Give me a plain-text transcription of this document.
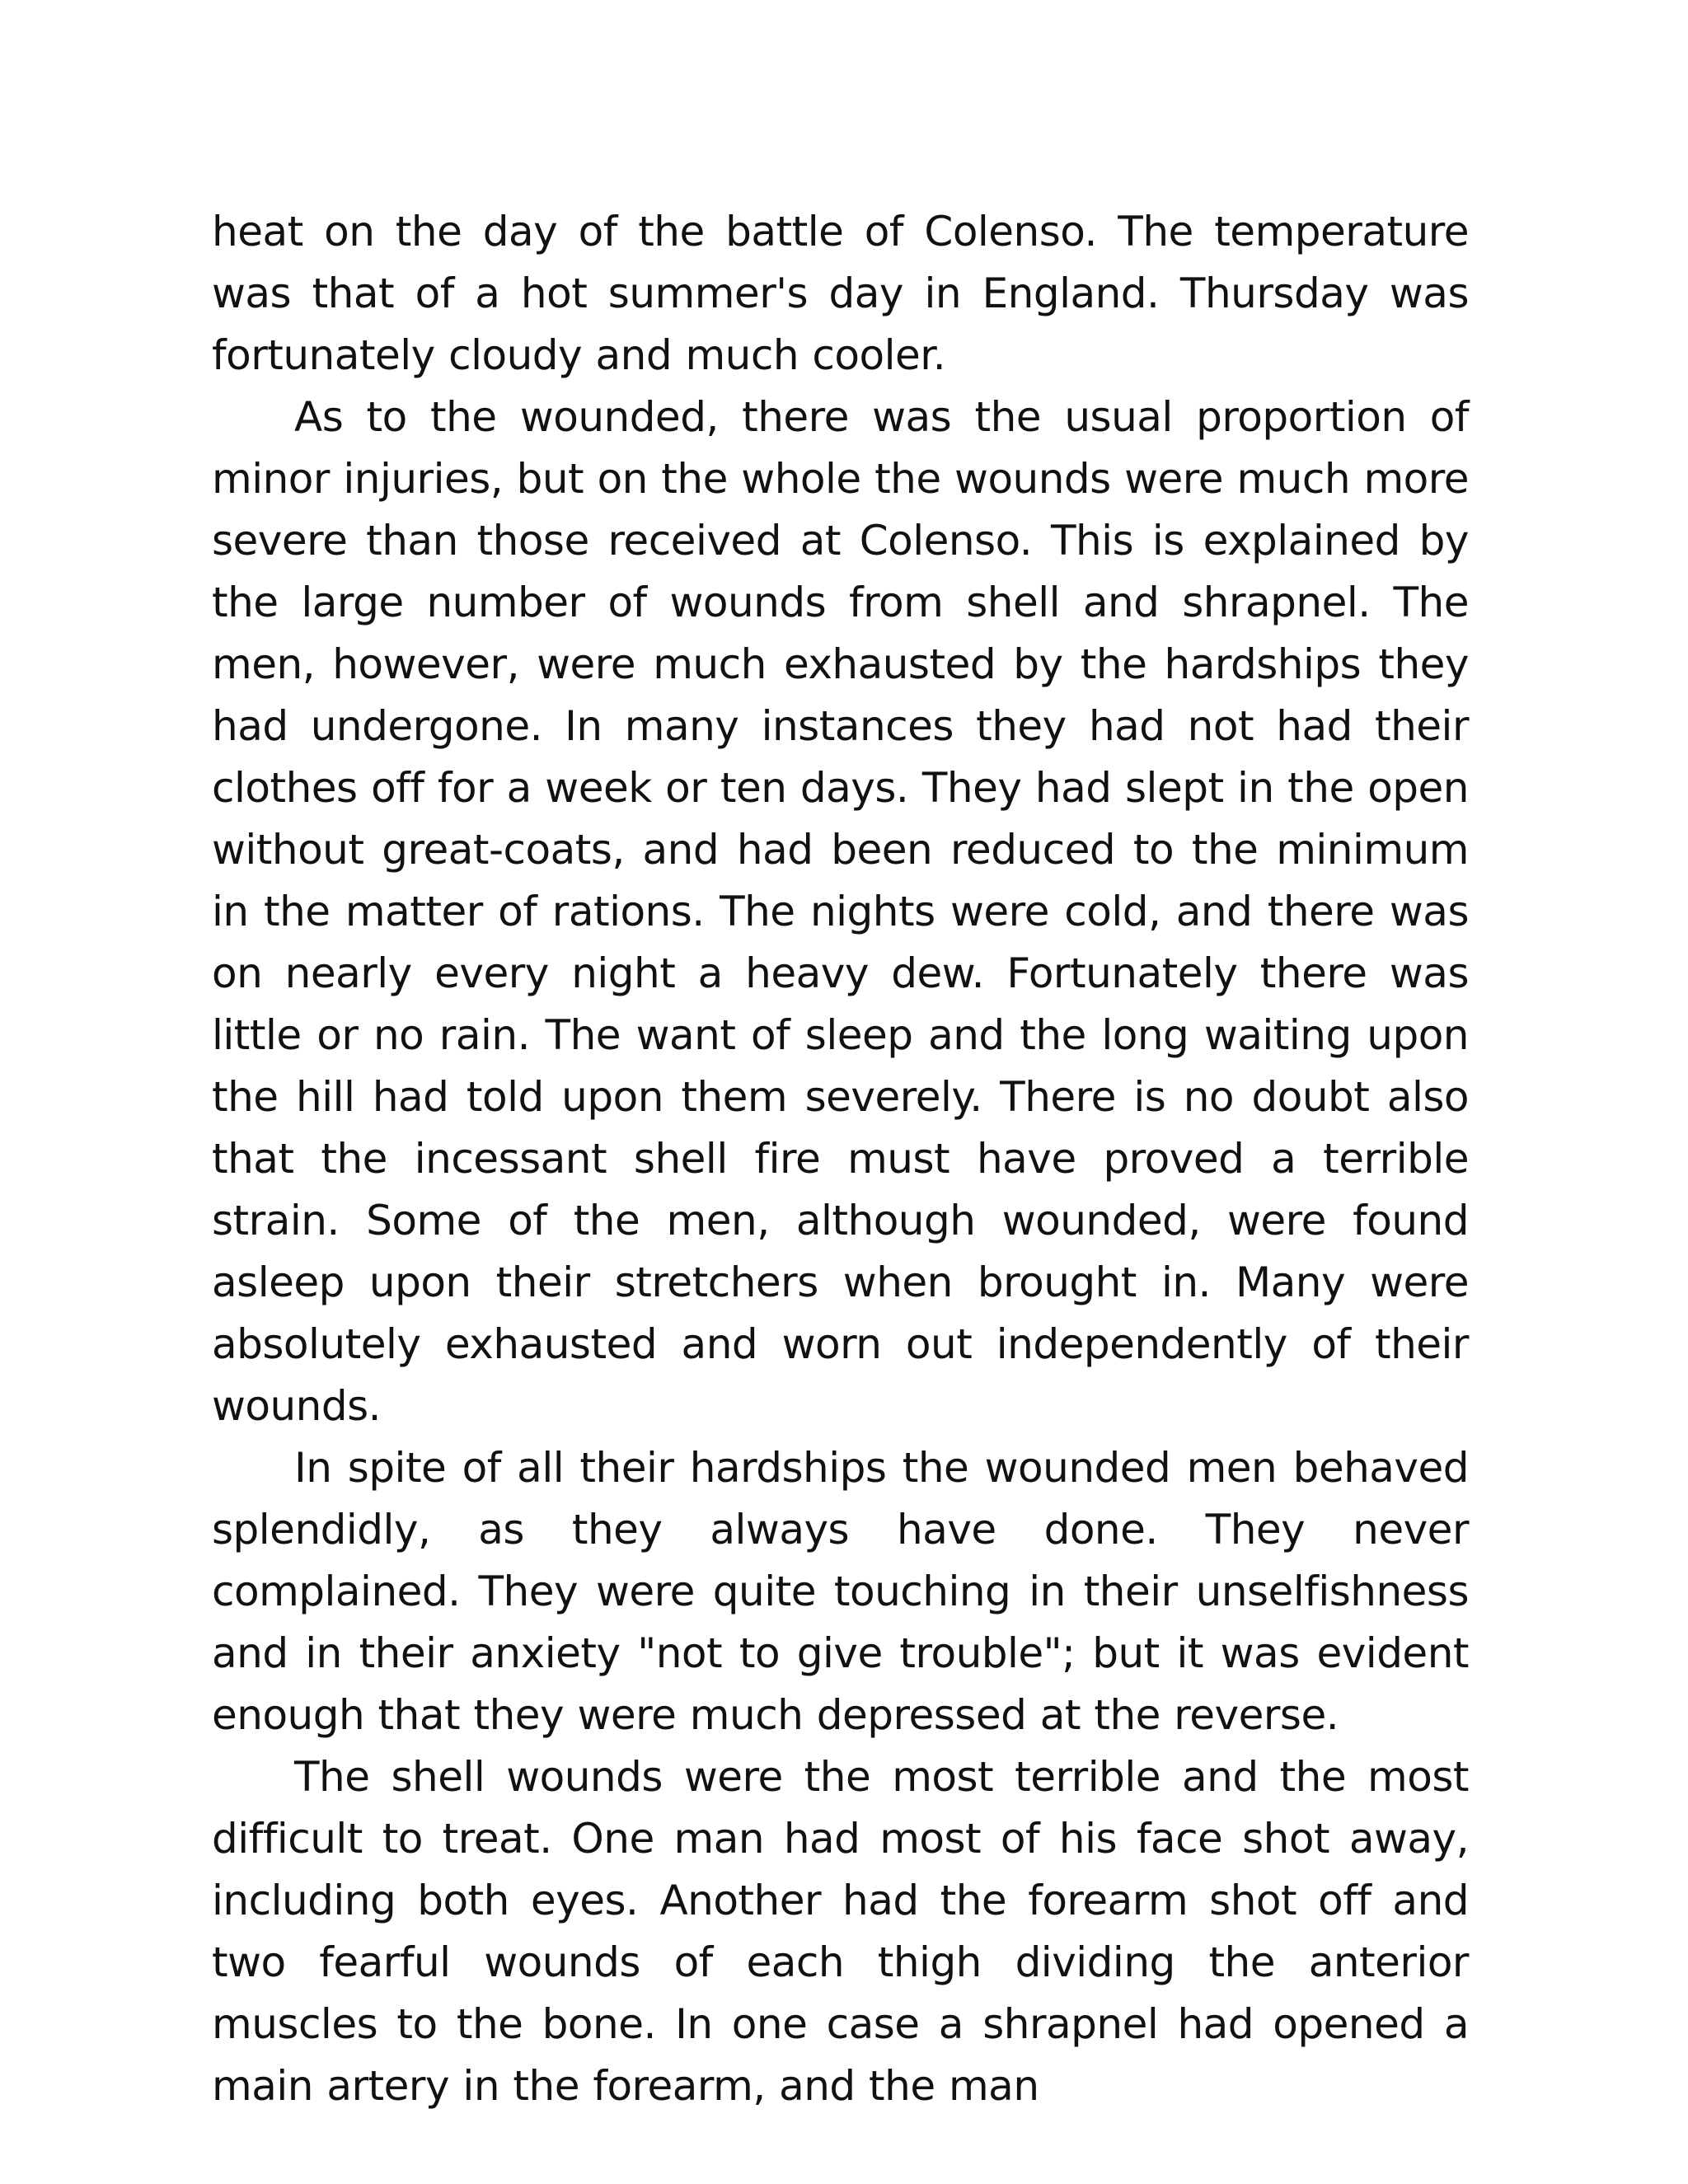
heat on the day of the battle of Colenso. The temperature was that of a hot summer's day in England. Thursday was fortunately cloudy and much cooler.

As to the wounded, there was the usual proportion of minor injuries, but on the whole the wounds were much more severe than those received at Colenso. This is explained by the large number of wounds from shell and shrapnel. The men, however, were much exhausted by the hardships they had undergone. In many instances they had not had their clothes off for a week or ten days. They had slept in the open without great-coats, and had been reduced to the minimum in the matter of rations. The nights were cold, and there was on nearly every night a heavy dew. Fortunately there was little or no rain. The want of sleep and the long waiting upon the hill had told upon them severely. There is no doubt also that the incessant shell fire must have proved a terrible strain. Some of the men, although wounded, were found asleep upon their stretchers when brought in. Many were absolutely exhausted and worn out independently of their wounds.

In spite of all their hardships the wounded men behaved splendidly, as they always have done. They never complained. They were quite touching in their unselfishness and in their anxiety "not to give trouble"; but it was evident enough that they were much depressed at the reverse.

The shell wounds were the most terrible and the most difficult to treat. One man had most of his face shot away, including both eyes. Another had the forearm shot off and two fearful wounds of each thigh dividing the anterior muscles to the bone. In one case a shrapnel had opened a main artery in the forearm, and the man
